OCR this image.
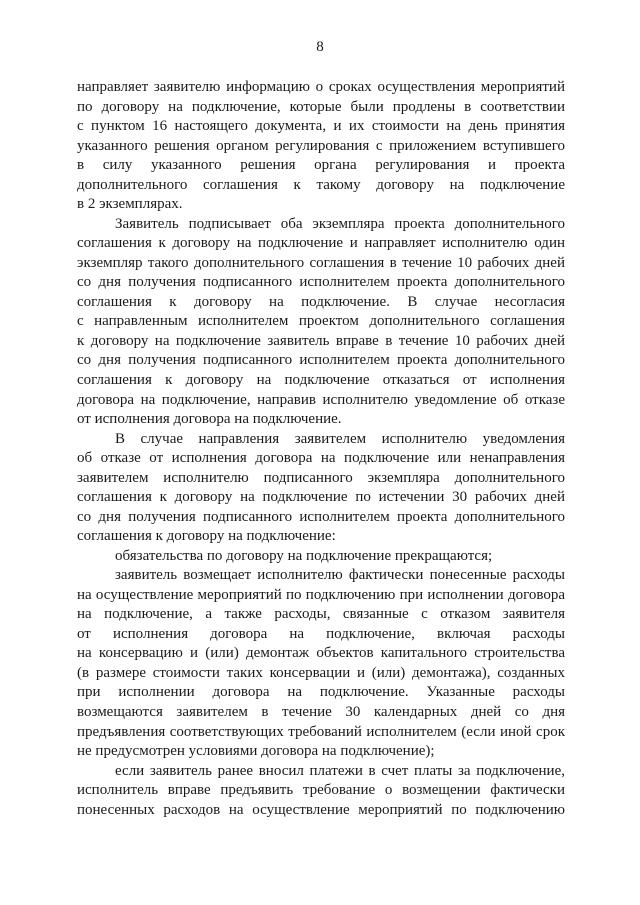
8
направляет заявителю информацию о сроках осуществления мероприятий
по договору на подключение, которые были продлены в соответствии
с пунктом 16 настоящего документа, и их стоимости на день принятия
указанного решения органом регулирования с приложением вступившего
в силу указанного решения органа регулирования и проекта
дополнительного соглашения к такому договору на подключение
в 2 экземплярах.
Заявитель подписывает оба экземпляра проекта дополнительного
соглашения к договору на подключение и направляет исполнителю один
экземпляр такого дополнительного соглашения в течение 10 рабочих дней
со дня получения подписанного исполнителем проекта дополнительного
соглашения к договору на подключение. В случае несогласия
с направленным исполнителем проектом дополнительного соглашения
к договору на подключение заявитель вправе в течение 10 рабочих дней
со дня получения подписанного исполнителем проекта дополнительного
соглашения к договору на подключение отказаться от исполнения
договора на подключение, направив исполнителю уведомление об отказе
от исполнения договора на подключение.
В случае направления заявителем исполнителю уведомления
об отказе от исполнения договора на подключение или ненаправления
заявителем исполнителю подписанного экземпляра дополнительного
соглашения к договору на подключение по истечении 30 рабочих дней
со дня получения подписанного исполнителем проекта дополнительного
соглашения к договору на подключение:
обязательства по договору на подключение прекращаются;
заявитель возмещает исполнителю фактически понесенные расходы
на осуществление мероприятий по подключению при исполнении договора
на подключение, а также расходы, связанные с отказом заявителя
от исполнения договора на подключение, включая расходы
на консервацию и (или) демонтаж объектов капитального строительства
(в размере стоимости таких консервации и (или) демонтажа), созданных
при исполнении договора на подключение. Указанные расходы
возмещаются заявителем в течение 30 календарных дней со дня
предъявления соответствующих требований исполнителем (если иной срок
не предусмотрен условиями договора на подключение);
если заявитель ранее вносил платежи в счет платы за подключение,
исполнитель вправе предъявить требование о возмещении фактически
понесенных расходов на осуществление мероприятий по подключению
